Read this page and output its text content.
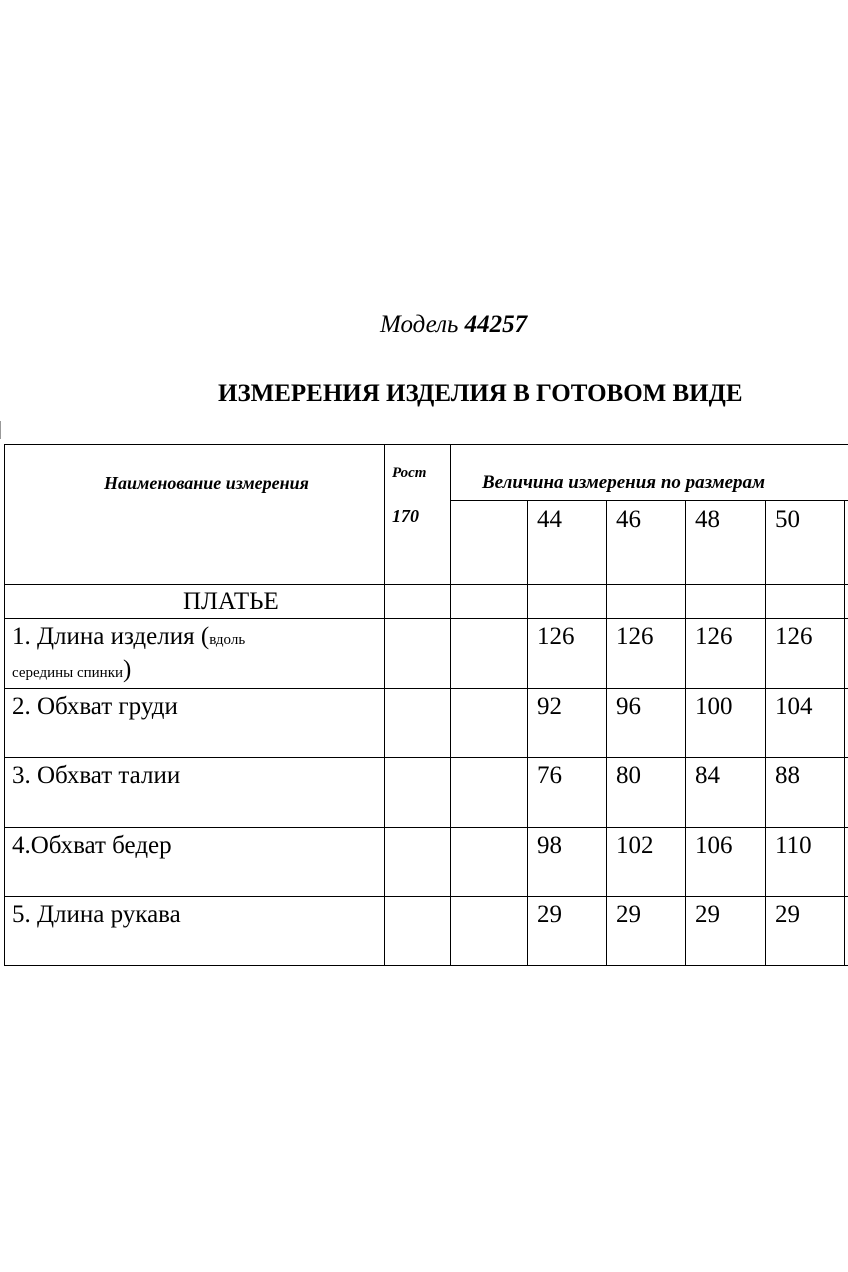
Модель 44257
ИЗМЕРЕНИЯ ИЗДЕЛИЯ В ГОТОВОМ ВИДЕ
Наименование измерения	Рост
170
Величина измерения по размерам
44 46 48 50
ПЛАТЬЕ
1. Длина изделия (вдоль
середины спинки)
126 126 126 126
2. Обхват груди	92 96 100 104
3. Обхват талии	76 80 84 88
4.Обхват бедер	98 102 106 110
5. Длина рукава	29 29 29 29
